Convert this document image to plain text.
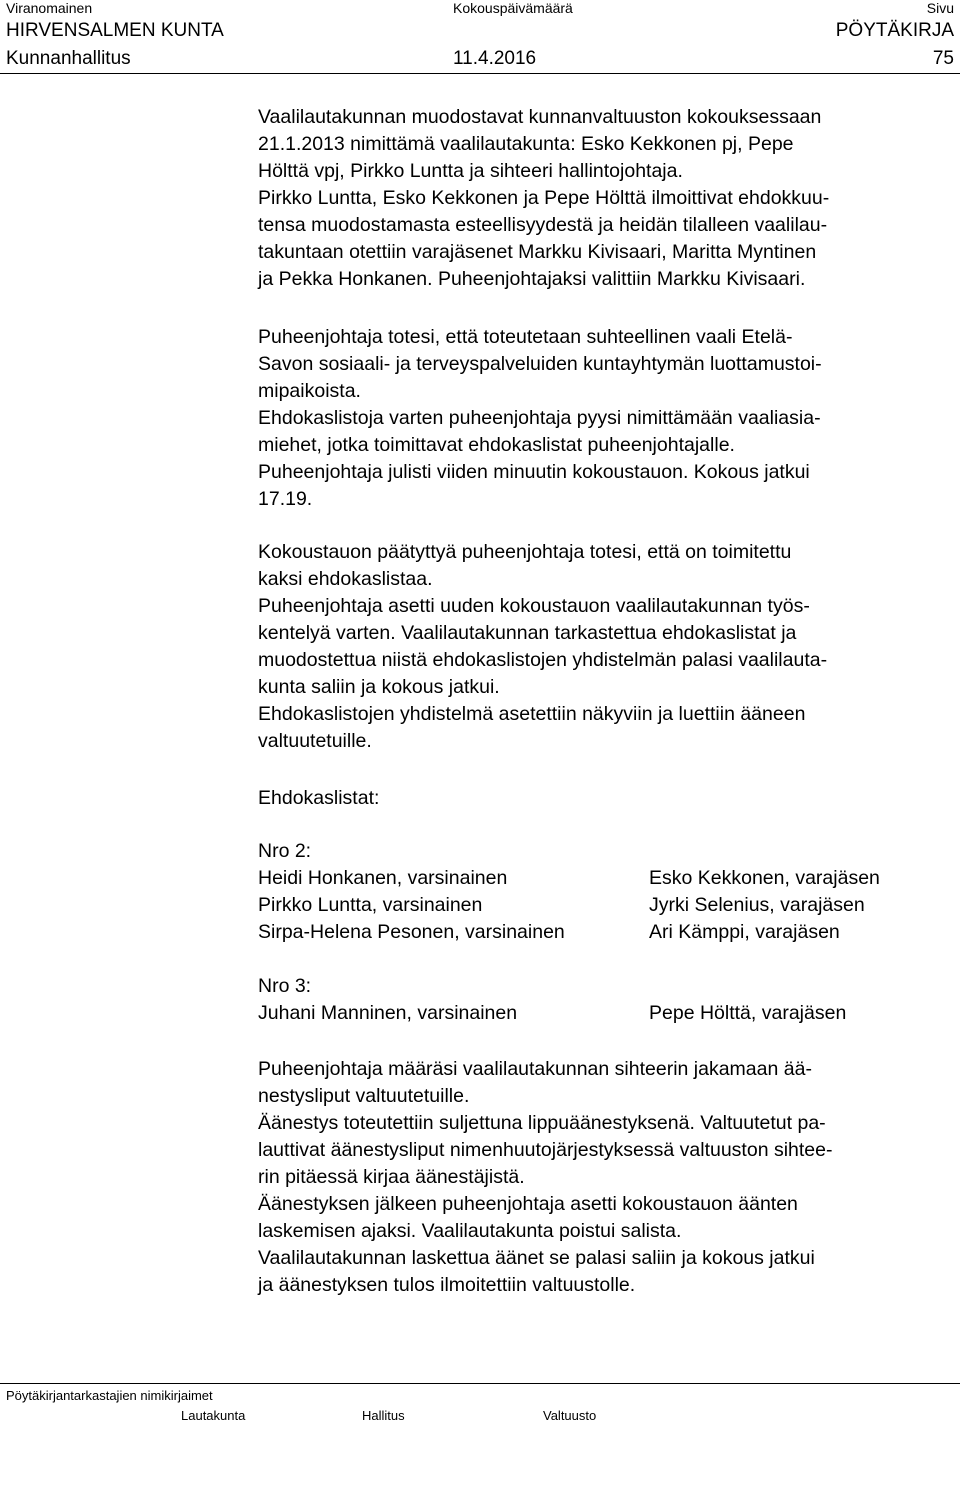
Viranomainen	Kokouspäivämäärä	Sivu
HIRVENSALMEN KUNTA	PÖYTÄKIRJA
Kunnanhallitus	11.4.2016	75

Vaalilautakunnan muodostavat kunnanvaltuuston kokouksessaan
21.1.2013 nimittämä vaalilautakunta: Esko Kekkonen pj, Pepe
Hölttä vpj, Pirkko Luntta ja sihteeri hallintojohtaja.
Pirkko Luntta, Esko Kekkonen ja Pepe Hölttä ilmoittivat ehdokkuu-
tensa muodostamasta esteellisyydestä ja heidän tilalleen vaalilau-
takuntaan otettiin varajäsenet Markku Kivisaari, Maritta Myntinen
ja Pekka Honkanen. Puheenjohtajaksi valittiin Markku Kivisaari.

Puheenjohtaja totesi, että toteutetaan suhteellinen vaali Etelä-
Savon sosiaali- ja terveyspalveluiden kuntayhtymän luottamustoi-
mipaikoista.
Ehdokaslistoja varten puheenjohtaja pyysi nimittämään vaaliasia-
miehet, jotka toimittavat ehdokaslistat puheenjohtajalle.
Puheenjohtaja julisti viiden minuutin kokoustauon. Kokous jatkui
17.19.

Kokoustauon päätyttyä puheenjohtaja totesi, että on toimitettu
kaksi ehdokaslistaa.
Puheenjohtaja asetti uuden kokoustauon vaalilautakunnan työs-
kentelyä varten. Vaalilautakunnan tarkastettua ehdokaslistat ja
muodostettua niistä ehdokaslistojen yhdistelmän palasi vaalilauta-
kunta saliin ja kokous jatkui.
Ehdokaslistojen yhdistelmä asetettiin näkyviin ja luettiin ääneen
valtuutetuille.

Ehdokaslistat:

Nro 2:
Heidi Honkanen, varsinainen	Esko Kekkonen, varajäsen
Pirkko Luntta, varsinainen	Jyrki Selenius, varajäsen
Sirpa-Helena Pesonen, varsinainen	Ari Kämppi, varajäsen
Nro 3:
Juhani Manninen, varsinainen	Pepe Hölttä, varajäsen

Puheenjohtaja määräsi vaalilautakunnan sihteerin jakamaan ää-
nestysliput valtuutetuille.
Äänestys toteutettiin suljettuna lippuäänestyksenä. Valtuutetut pa-
lauttivat äänestysliput nimenhuutojärjestyksessä valtuuston sihtee-
rin pitäessä kirjaa äänestäjistä.
Äänestyksen jälkeen puheenjohtaja asetti kokoustauon äänten
laskemisen ajaksi. Vaalilautakunta poistui salista.
Vaalilautakunnan laskettua äänet se palasi saliin ja kokous jatkui
ja äänestyksen tulos ilmoitettiin valtuustolle.

Pöytäkirjantarkastajien nimikirjaimet
Lautakunta	Hallitus	Valtuusto
